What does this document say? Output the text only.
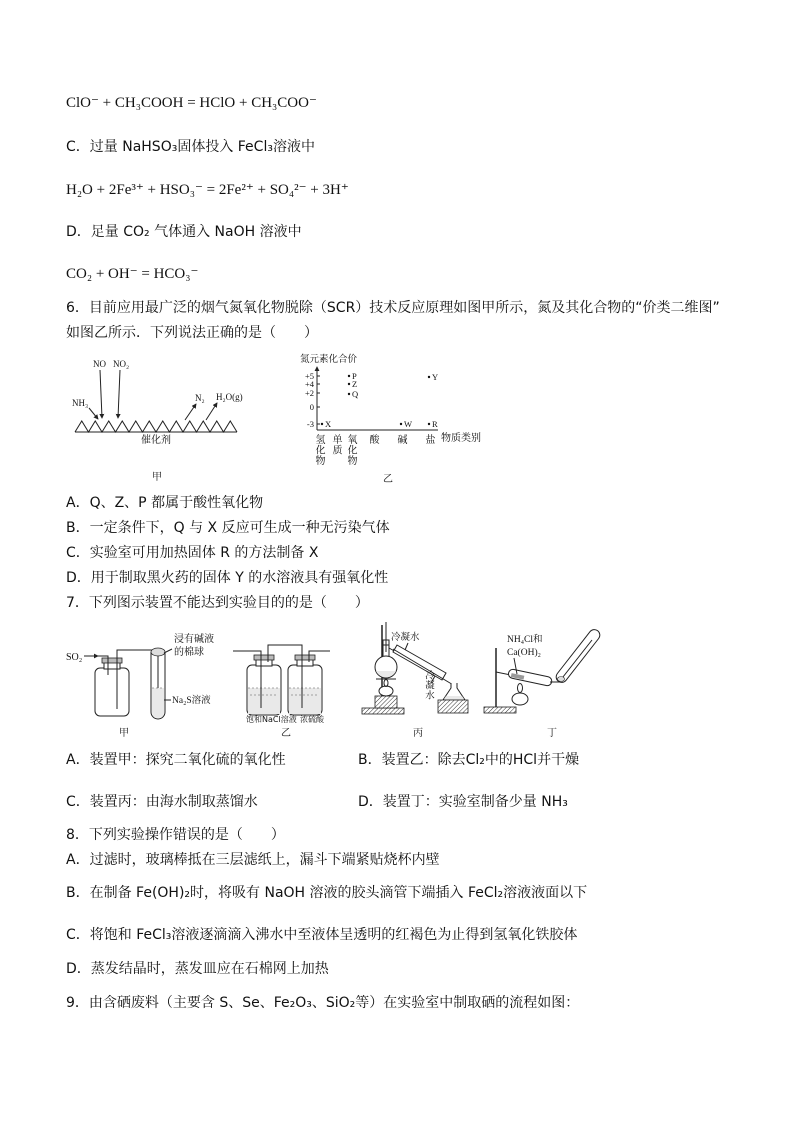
ClO⁻ + CH₃COOH = HClO + CH₃COO⁻
C．过量 NaHSO₃固体投入 FeCl₃溶液中
H₂O + 2Fe³⁺ + HSO₃⁻ = 2Fe²⁺ + SO₄²⁻ + 3H⁺
D．足量 CO₂ 气体通入 NaOH 溶液中
CO₂ + OH⁻ = HCO₃⁻
6．目前应用最广泛的烟气氮氧化物脱除（SCR）技术反应原理如图甲所示，氮及其化合物的“价类二维图”
如图乙所示．下列说法正确的是（　　）
NH₃
NO NO₂
N₂ H₂O(g)
催化剂
甲
氮元素化合价
+5
+4
+2
0
-3
P
Z
Q
Y
X	W R
乙
氢化物 单质 氧化物 酸 碱 盐 物质类别
A．Q、Z、P 都属于酸性氧化物
B．一定条件下，Q 与 X 反应可生成一种无污染气体
C．实验室可用加热固体 R 的方法制备 X
D．用于制取黑火药的固体 Y 的水溶液具有强氧化性
7．下列图示装置不能达到实验目的的是（　　）
SO₂
Na₂S溶液
甲
饱和NaCl溶液 浓硫酸
乙
冷凝水
丙
NH₄Cl和
Ca(OH)₂
丁
浸有碱液的棉球
冷凝水
A．装置甲：探究二氧化硫的氧化性	B．装置乙：除去Cl₂中的HCl并干燥
C．装置丙：由海水制取蒸馏水	D．装置丁：实验室制备少量 NH₃
8．下列实验操作错误的是（　　）
A．过滤时，玻璃棒抵在三层滤纸上，漏斗下端紧贴烧杯内壁
B．在制备 Fe(OH)₂时，将吸有 NaOH 溶液的胶头滴管下端插入 FeCl₂溶液液面以下
C．将饱和 FeCl₃溶液逐滴滴入沸水中至液体呈透明的红褐色为止得到氢氧化铁胶体
D．蒸发结晶时，蒸发皿应在石棉网上加热
9．由含硒废料（主要含 S、Se、Fe₂O₃、SiO₂等）在实验室中制取硒的流程如图：
